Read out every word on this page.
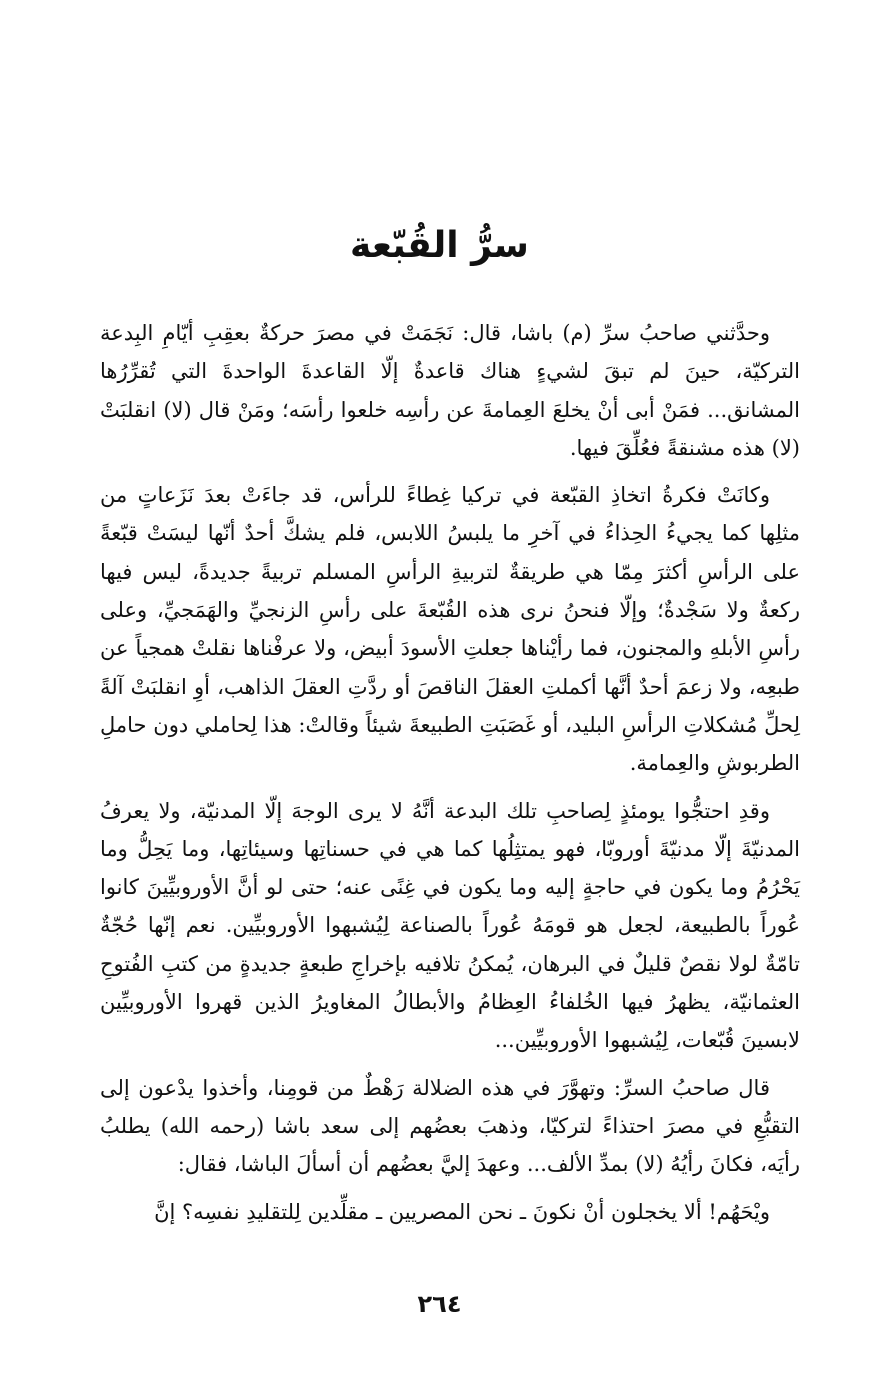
سرُّ القُبّعة

وحدَّثني صاحبُ سرِّ (م) باشا، قال: نَجَمَتْ في مصرَ حركةٌ بعقِبِ أيّامِ البِدعة التركيّة، حينَ لم تبقَ لشيءٍ هناك قاعدةٌ إلّا القاعدةَ الواحدةَ التي تُقرِّرُها المشانق... فمَنْ أبى أنْ يخلعَ العِمامةَ عن رأسِه خلعوا رأسَه؛ ومَنْ قال (لا) انقلبَتْ (لا) هذه مشنقةً فعُلِّقَ فيها.

وكانَتْ فكرةُ اتخاذِ القبّعة في تركيا غِطاءً للرأس، قد جاءَتْ بعدَ نَزَعاتٍ من مثلِها كما يجيءُ الحِذاءُ في آخرِ ما يلبسُ اللابس، فلم يشكَّ أحدٌ أنّها ليسَتْ قبّعةً على الرأسِ أكثرَ مِمّا هي طريقةٌ لتربيةِ الرأسِ المسلم تربيةً جديدةً، ليس فيها ركعةٌ ولا سَجْدةٌ؛ وإلّا فنحنُ نرى هذه القُبّعةَ على رأسِ الزنجيِّ والهَمَجيِّ، وعلى رأسِ الأبلهِ والمجنون، فما رأيْناها جعلتِ الأسودَ أبيض، ولا عرفْناها نقلتْ همجياً عن طبعِه، ولا زعمَ أحدٌ أنَّها أكملتِ العقلَ الناقصَ أو ردَّتِ العقلَ الذاهب، أوِ انقلبَتْ آلةً لِحلِّ مُشكلاتِ الرأسِ البليد، أو غَصَبَتِ الطبيعةَ شيئاً وقالتْ: هذا لِحاملي دون حاملِ الطربوشِ والعِمامة.

وقدِ احتجُّوا يومئذٍ لِصاحبِ تلك البدعة أنَّهُ لا يرى الوجهَ إلّا المدنيّة، ولا يعرفُ المدنيّةَ إلّا مدنيّةَ أوروبّا، فهو يمتثِلُها كما هي في حسناتِها وسيئاتِها، وما يَحِلُّ وما يَحْرُمُ وما يكون في حاجةٍ إليه وما يكون في غِنًى عنه؛ حتى لو أنَّ الأوروبيِّينَ كانوا عُوراً بالطبيعة، لجعل هو قومَهُ عُوراً بالصناعة لِيُشبهوا الأوروبيِّين. نعم إنّها حُجّةٌ تامّةٌ لولا نقصٌ قليلٌ في البرهان، يُمكنُ تلافيه بإخراجِ طبعةٍ جديدةٍ من كتبِ الفُتوحِ العثمانيّة، يظهرُ فيها الخُلفاءُ العِظامُ والأبطالُ المغاويرُ الذين قهروا الأوروبيِّين لابسينَ قُبّعات، لِيُشبهوا الأوروبيِّين...

قال صاحبُ السرِّ: وتهوَّرَ في هذه الضلالة رَهْطٌ من قومِنا، وأخذوا يدْعون إلى التقبُّعِ في مصرَ احتذاءً لتركيّا، وذهبَ بعضُهم إلى سعد باشا (رحمه الله) يطلبُ رأيَه، فكانَ رأيُهُ (لا) بمدِّ الألف... وعهدَ إليَّ بعضُهم أن أسألَ الباشا، فقال:

ويْحَهُم! ألا يخجلون أنْ نكونَ ـ نحن المصريين ـ مقلِّدين لِلتقليدِ نفسِه؟ إنَّ

٢٦٤
